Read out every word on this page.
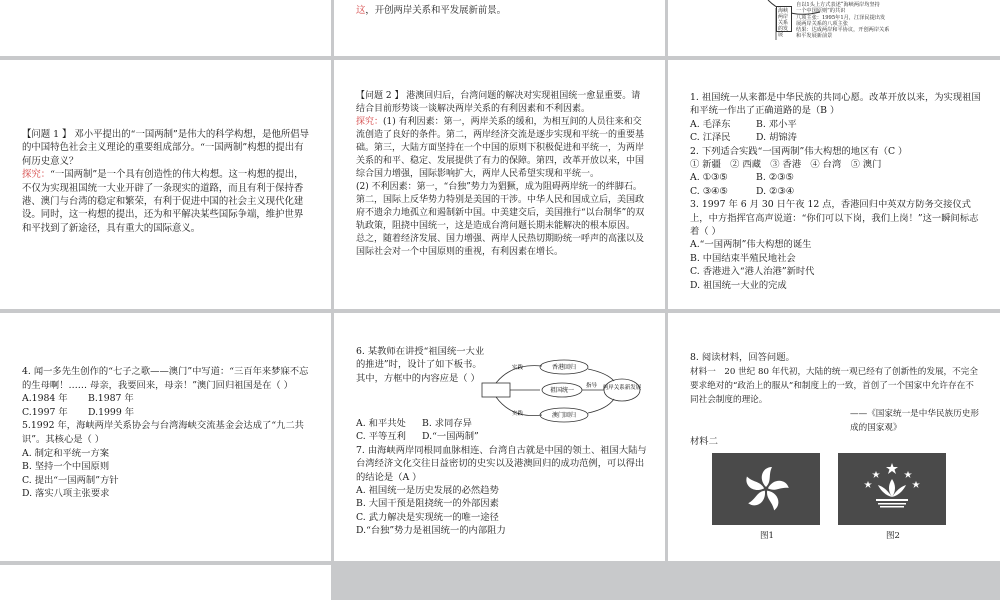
这，开创两岸关系和平发展新前景。	海峡两岸关系的发展
自以1头上方式表述“海峡两岸均坚持
一个中国原则”的共识
八项主张：1995年1月，江泽民提出发
展两岸关系的八项主张
结果：达成两岸和平协议，开创两岸关系
和平发展新前景
【问题 1 】 邓小平提出的“一国两制”是伟大的科学构想，是他所倡导的中国特色社会主义理论的重要组成部分。“一国两制”构想的提出有何历史意义？
探究：“一国两制”是一个具有创造性的伟大构想。这一构想的提出，不仅为实现祖国统一大业开辟了一条现实的道路，而且有利于保持香港、澳门与台湾的稳定和繁荣，有利于促进中国的社会主义现代化建设。同时，这一构想的提出，还为和平解决某些国际争端，维护世界和平找到了新途径，具有重大的国际意义。
【问题 2 】 港澳回归后，台湾问题的解决对实现祖国统一愈显重要。请结合目前形势谈一谈解决两岸关系的有利因素和不利因素。
探究：(1) 有利因素：第一，两岸关系的缓和，为相互间的人员往来和交流创造了良好的条件。第二，两岸经济交流是逐步实现和平统一的重要基础。第三，大陆方面坚持在一个中国的原则下积极促进和平统一，为两岸关系的和平、稳定、发展提供了有力的保障。第四，改革开放以来，中国综合国力增强，国际影响扩大，两岸人民希望实现和平统一。
(2) 不利因素：第一，“台独”势力为猖獗，成为阻碍两岸统一的绊脚石。第二，国际上反华势力特别是美国的干涉。中华人民和国成立后，美国政府不遗余力地孤立和遏制新中国。中美建交后，美国推行“以台制华”的双轨政策，阻挠中国统一，这是造成台湾问题长期未能解决的根本原因。
总之，随着经济发展、国力增强、两岸人民热切期盼统一呼声的高涨以及国际社会对一个中国原则的重视，有利因素在增长。
1. 祖国统一从来都是中华民族的共同心愿。改革开放以来，为实现祖国和平统一作出了正确道路的是（B ）
A. 毛泽东	B. 邓小平
C. 江泽民	D. 胡锦涛
2. 下列适合实践“一国两制”伟大构想的地区有（C ）
① 新疆　② 西藏　③ 香港　④ 台湾　⑤ 澳门
A. ①③⑤	B. ②③⑤
C. ③④⑤	D. ②③④
3. 1997 年 6 月 30 日午夜 12 点，香港回归中英双方防务交接仪式上，中方指挥官高声说道：“你们可以下岗，我们上岗！”这一瞬间标志着（ ）
A.“一国两制”伟大构想的诞生
B. 中国结束半殖民地社会
C. 香港进入“港人治港”新时代
D. 祖国统一大业的完成
4. 闻一多先生创作的“七子之歌——澳门”中写道：“三百年来梦寐不忘的生母啊！…… 母亲，我要回来，母亲！”澳门回归祖国是在（ ）
A.1984 年 B.1987 年
C.1997 年 D.1999 年
5.1992 年，海峡两岸关系协会与台湾海峡交流基金会达成了“九二共识”。其核心是（ ）
A. 制定和平统一方案
B. 坚持一个中国原则
C. 提出“一国两制”方针
D. 落实八项主张要求
6. 某教师在讲授“祖国统一大业的推进”时，设计了如下板书。其中，方框中的内容应是（ ）
香港回归
祖国统一
澳门回归
两岸关系新发展
实践
实践
指导
A. 和平共处 B. 求同存异
C. 平等互利 D.“一国两制”
7. 由海峡两岸同根同血脉相连、台湾自古就是中国的领土、祖国大陆与台湾经济文化交往日益密切的史实以及港澳回归的成功范例，可以得出的结论是（A ）
A. 祖国统一是历史发展的必然趋势
B. 大国干预是阻挠统一的外部因素
C. 武力解决是实现统一的唯一途径
D.“台独”势力是祖国统一的内部阻力
8. 阅读材料，回答问题。
材料一　 20 世纪 80 年代初，大陆的统一观已经有了创新性的发展，不完全要求绝对的“政治上的服从”和制度上的一致，首创了一个国家中允许存在不同社会制度的理论。
——《国家统一是中华民族历史形成的国家观》
材料二
图1	图2
